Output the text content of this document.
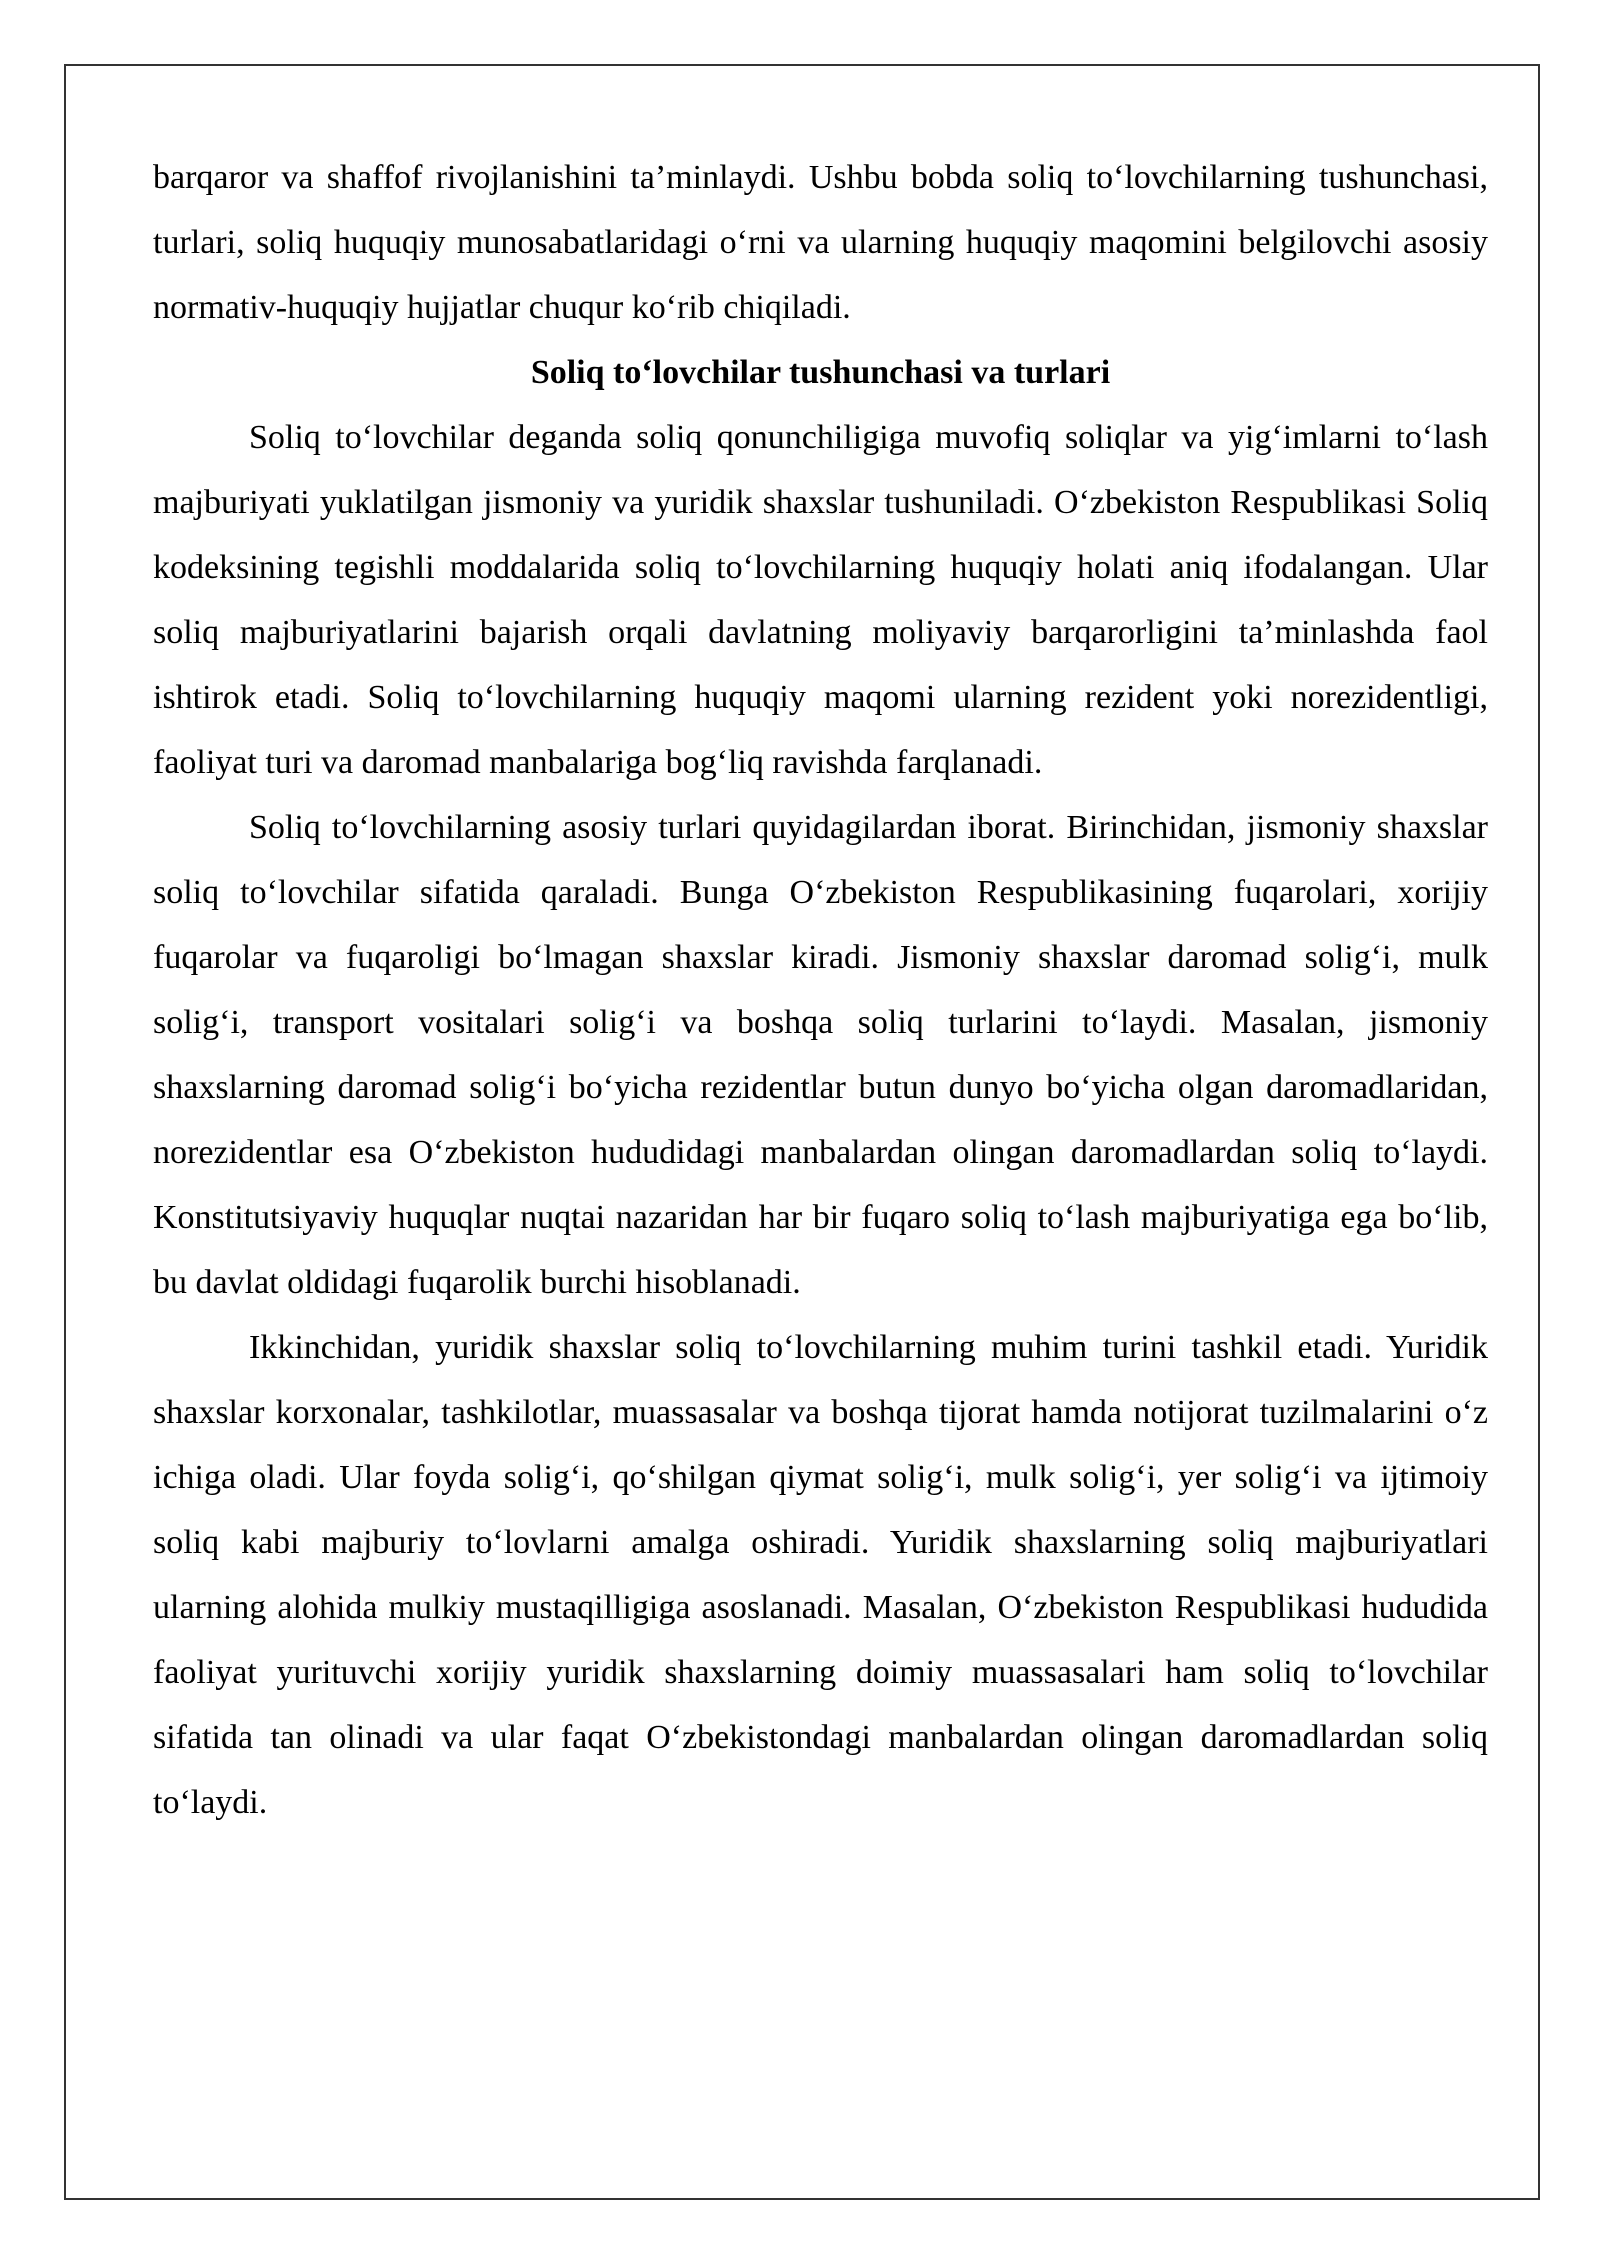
barqaror va shaffof rivojlanishini ta’minlaydi. Ushbu bobda soliq to‘lovchilarning tushunchasi, turlari, soliq huquqiy munosabatlaridagi o‘rni va ularning huquqiy maqomini belgilovchi asosiy normativ-huquqiy hujjatlar chuqur ko‘rib chiqiladi.

Soliq to‘lovchilar tushunchasi va turlari

Soliq to‘lovchilar deganda soliq qonunchiligiga muvofiq soliqlar va yig‘imlarni to‘lash majburiyati yuklatilgan jismoniy va yuridik shaxslar tushuniladi. O‘zbekiston Respublikasi Soliq kodeksining tegishli moddalarida soliq to‘lovchilarning huquqiy holati aniq ifodalangan. Ular soliq majburiyatlarini bajarish orqali davlatning moliyaviy barqarorligini ta’minlashda faol ishtirok etadi. Soliq to‘lovchilarning huquqiy maqomi ularning rezident yoki norezidentligi, faoliyat turi va daromad manbalariga bog‘liq ravishda farqlanadi.

Soliq to‘lovchilarning asosiy turlari quyidagilardan iborat. Birinchidan, jismoniy shaxslar soliq to‘lovchilar sifatida qaraladi. Bunga O‘zbekiston Respublikasining fuqarolari, xorijiy fuqarolar va fuqaroligi bo‘lmagan shaxslar kiradi. Jismoniy shaxslar daromad solig‘i, mulk solig‘i, transport vositalari solig‘i va boshqa soliq turlarini to‘laydi. Masalan, jismoniy shaxslarning daromad solig‘i bo‘yicha rezidentlar butun dunyo bo‘yicha olgan daromadlaridan, norezidentlar esa O‘zbekiston hududidagi manbalardan olingan daromadlardan soliq to‘laydi. Konstitutsiyaviy huquqlar nuqtai nazaridan har bir fuqaro soliq to‘lash majburiyatiga ega bo‘lib, bu davlat oldidagi fuqarolik burchi hisoblanadi.

Ikkinchidan, yuridik shaxslar soliq to‘lovchilarning muhim turini tashkil etadi. Yuridik shaxslar korxonalar, tashkilotlar, muassasalar va boshqa tijorat hamda notijorat tuzilmalarini o‘z ichiga oladi. Ular foyda solig‘i, qo‘shilgan qiymat solig‘i, mulk solig‘i, yer solig‘i va ijtimoiy soliq kabi majburiy to‘lovlarni amalga oshiradi. Yuridik shaxslarning soliq majburiyatlari ularning alohida mulkiy mustaqilligiga asoslanadi. Masalan, O‘zbekiston Respublikasi hududida faoliyat yurituvchi xorijiy yuridik shaxslarning doimiy muassasalari ham soliq to‘lovchilar sifatida tan olinadi va ular faqat O‘zbekistondagi manbalardan olingan daromadlardan soliq to‘laydi.
